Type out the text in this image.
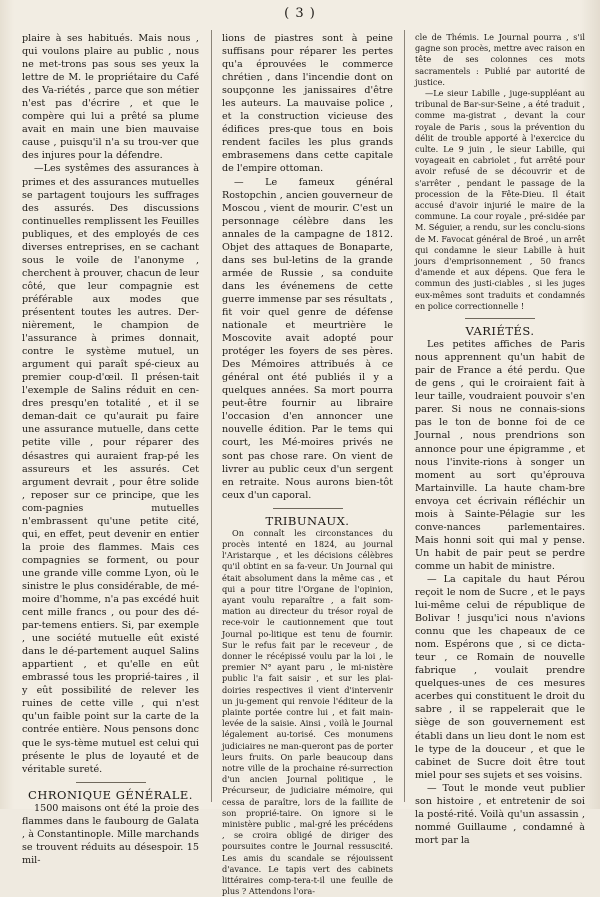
( 3 )

plaire à ses habitués. Mais nous , qui voulons plaire au public , nous ne met-trons pas sous ses yeux la lettre de M. le propriétaire du Café des Va-riétés , parce que son métier n'est pas d'écrire , et que le compère qui lui a prêté sa plume avait en main une bien mauvaise cause , puisqu'il n'a su trou-ver que des injures pour la défendre.

—Les systêmes des assurances à primes et des assurances mutuelles se partagent toujours les suffrages des assurés. Des discussions continuelles remplissent les Feuilles publiques, et des employés de ces diverses entreprises, en se cachant sous le voile de l'anonyme , cherchent à prouver, chacun de leur côté, que leur compagnie est préférable aux modes que présentent toutes les autres. Der-nièrement, le champion de l'assurance à primes donnait, contre le système mutuel, un argument qui paraît spé-cieux au premier coup-d'œil. Il présen-tait l'exemple de Salins réduit en cen-dres presqu'en totalité , et il se deman-dait ce qu'aurait pu faire une assurance mutuelle, dans cette petite ville , pour réparer des désastres qui auraient frap-pé les assureurs et les assurés. Cet argument devrait , pour être solide , reposer sur ce principe, que les com-pagnies mutuelles n'embrassent qu'une petite cité, qui, en effet, peut devenir en entier la proie des flammes. Mais ces compagnies se forment, ou pour une grande ville comme Lyon, où le sinistre le plus considérable, de mé-moire d'homme, n'a pas excédé huit cent mille francs , ou pour des dé-par-temens entiers. Si, par exemple , une société mutuelle eût existé dans le dé-partement auquel Salins appartient , et qu'elle en eût embrassé tous les proprié-taires , il y eût possibilité de relever les ruines de cette ville , qui n'est qu'un faible point sur la carte de la contrée entière. Nous pensons donc que le sys-tème mutuel est celui qui présente le plus de loyauté et de véritable sureté.

CHRONIQUE GÉNÉRALE.

1500 maisons ont été la proie des flammes dans le faubourg de Galata , à Constantinople. Mille marchands se trouvent réduits au désespoir. 15 mil-

lions de piastres sont à peine suffisans pour réparer les pertes qu'a éprouvées le commerce chrétien , dans l'incendie dont on soupçonne les janissaires d'être les auteurs. La mauvaise police , et la construction vicieuse des édifices pres-que tous en bois rendent faciles les plus grands embrasemens dans cette capitale de l'empire ottoman.

— Le fameux général Rostopchin , ancien gouverneur de Moscou , vient de mourir. C'est un personnage célèbre dans les annales de la campagne de 1812. Objet des attaques de Bonaparte, dans ses bul-letins de la grande armée de Russie , sa conduite dans les événemens de cette guerre immense par ses résultats , fit voir quel genre de défense nationale et meurtrière le Moscovite avait adopté pour protéger les foyers de ses pères. Des Mémoires attribués à ce général ont été publiés il y a quelques années. Sa mort pourra peut-être fournir au libraire l'occasion d'en annoncer une nouvelle édition. Par le tems qui court, les Mé-moires privés ne sont pas chose rare. On vient de livrer au public ceux d'un sergent en retraite. Nous aurons bien-tôt ceux d'un caporal.

TRIBUNAUX.

On connaît les circonstances du procès intenté en 1824, au journal l'Aristarque , et les décisions célèbres qu'il obtint en sa fa-veur. Un Journal qui était absolument dans la même cas , et qui a pour titre l'Organe de l'opinion, ayant voulu reparaître , a fait som-mation au directeur du trésor royal de rece-voir le cautionnement que tout Journal po-litique est tenu de fournir. Sur le refus fait par le receveur , de donner le récépissé voulu par la loi , le premier N° ayant paru , le mi-nistère public l'a fait saisir , et sur les plai-doiries respectives il vient d'intervenir un ju-gement qui renvoie l'éditeur de la plainte portée contre lui , et fait main-levée de la saisie. Ainsi , voilà le Journal légalement au-torisé. Ces monumens judiciaires ne man-queront pas de porter leurs fruits. On parle beaucoup dans notre ville de la prochaine ré-surrection d'un ancien Journal politique , le Précurseur, de judiciaire mémoire, qui cessa de paraître, lors de la faillite de son proprié-taire. On ignore si le ministère public , mal-gré les précédens , se croira obligé de diriger des poursuites contre le Journal ressuscité. Les amis du scandale se réjouissent d'avance. Le tapis vert des cabinets littéraires comp-tera-t-il une feuille de plus ? Attendons l'ora-

cle de Thémis. Le Journal pourra , s'il gagne son procès, mettre avec raison en tête de ses colonnes ces mots sacramentels : Publié par autorité de justice.

—Le sieur Labille , juge-suppléant au tribunal de Bar-sur-Seine , a été traduit , comme ma-gistrat , devant la cour royale de Paris , sous la prévention du délit de trouble apporté à l'exercice du culte. Le 9 juin , le sieur Labille, qui voyageait en cabriolet , fut arrêté pour avoir refusé de se découvrir et de s'arrêter , pendant le passage de la procession de la Fête-Dieu. Il était accusé d'avoir injurié le maire de la commune. La cour royale , pré-sidée par M. Séguier, a rendu, sur les conclu-sions de M. Favocat général de Broé , un arrêt qui condamne le sieur Labille à huit jours d'emprisonnement , 50 francs d'amende et aux dépens. Que fera le commun des justi-ciables , si les juges eux-mêmes sont traduits et condamnés en police correctionnelle !

VARIÉTÉS.

Les petites affiches de Paris nous apprennent qu'un habit de pair de France a été perdu. Que de gens , qui le croiraient fait à leur taille, voudraient pouvoir s'en parer. Si nous ne connais-sions pas le ton de bonne foi de ce Journal , nous prendrions son annonce pour une épigramme , et nous l'invite-rions à songer un moment au sort qu'éprouva Martainville. La haute cham-bre envoya cet écrivain réfléchir un mois à Sainte-Pélagie sur les conve-nances parlementaires. Mais honni soit qui mal y pense. Un habit de pair peut se perdre comme un habit de ministre.

— La capitale du haut Pérou reçoit le nom de Sucre , et le pays lui-même celui de république de Bolivar ! jusqu'ici nous n'avions connu que les chapeaux de ce nom. Espérons que , si ce dicta-teur , ce Romain de nouvelle fabrique , voulait prendre quelques-unes de ces mesures acerbes qui constituent le droit du sabre , il se rappelerait que le siège de son gouvernement est établi dans un lieu dont le nom est le type de la douceur , et que le cabinet de Sucre doit être tout miel pour ses sujets et ses voisins.

— Tout le monde veut publier son histoire , et entretenir de soi la posté-rité. Voilà qu'un assassin , nommé Guillaume , condamné à mort par la
